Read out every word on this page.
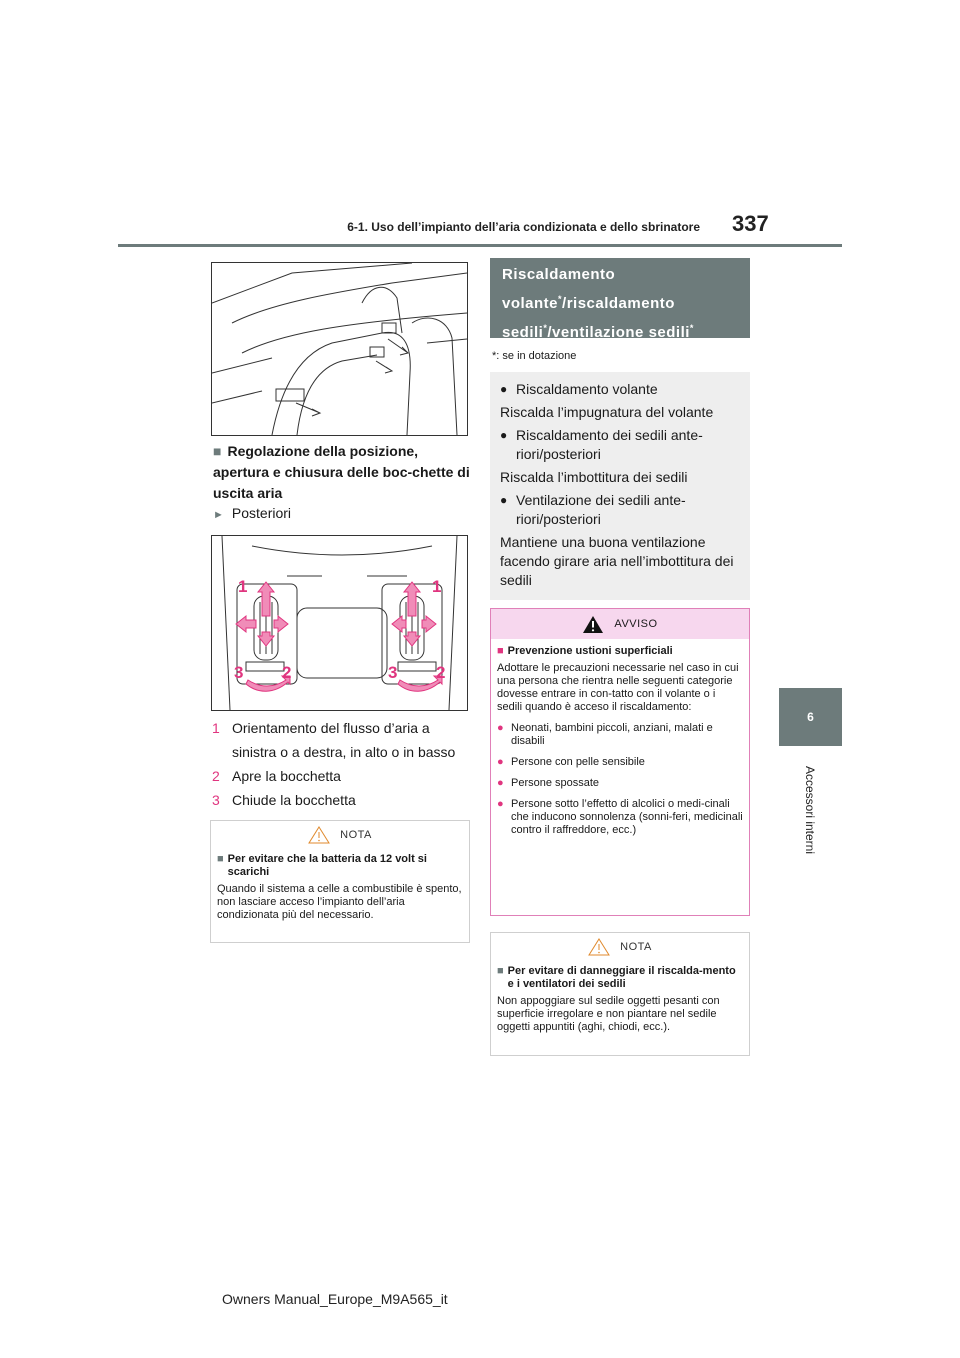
6-1. Uso dell’impianto dell’aria condizionata e dello sbrinatore 337
6
Accessori interni
■ Regolazione della posizione, apertura e chiusura delle boc-chette di uscita aria
► Posteriori
1	1
3 2	3 2
1 Orientamento del flusso d’aria a sinistra o a destra, in alto o in basso
2 Apre la bocchetta
3 Chiude la bocchetta
NOTA
■ Per evitare che la batteria da 12 volt si scarichi
Quando il sistema a celle a combustibile è spento, non lasciare acceso l’impianto dell’aria condizionata più del necessario.
Riscaldamento
volante*/riscaldamento
sedili*/ventilazione sedili*
*: se in dotazione
● Riscaldamento volante
Riscalda l’impugnatura del volante
● Riscaldamento dei sedili ante-riori/posteriori
Riscalda l’imbottitura dei sedili
● Ventilazione dei sedili ante-riori/posteriori
Mantiene una buona ventilazione facendo girare aria nell’imbottitura dei sedili
AVVISO
■ Prevenzione ustioni superficiali
Adottare le precauzioni necessarie nel caso in cui una persona che rientra nelle seguenti categorie dovesse entrare in con-tatto con il volante o i sedili quando è acceso il riscaldamento:
● Neonati, bambini piccoli, anziani, malati e disabili
● Persone con pelle sensibile
● Persone spossate
● Persone sotto l’effetto di alcolici o medi-cinali che inducono sonnolenza (sonni-feri, medicinali contro il raffreddore, ecc.)
NOTA
■ Per evitare di danneggiare il riscalda-mento e i ventilatori dei sedili
Non appoggiare sul sedile oggetti pesanti con superficie irregolare e non piantare nel sedile oggetti appuntiti (aghi, chiodi, ecc.).
Owners Manual_Europe_M9A565_it
